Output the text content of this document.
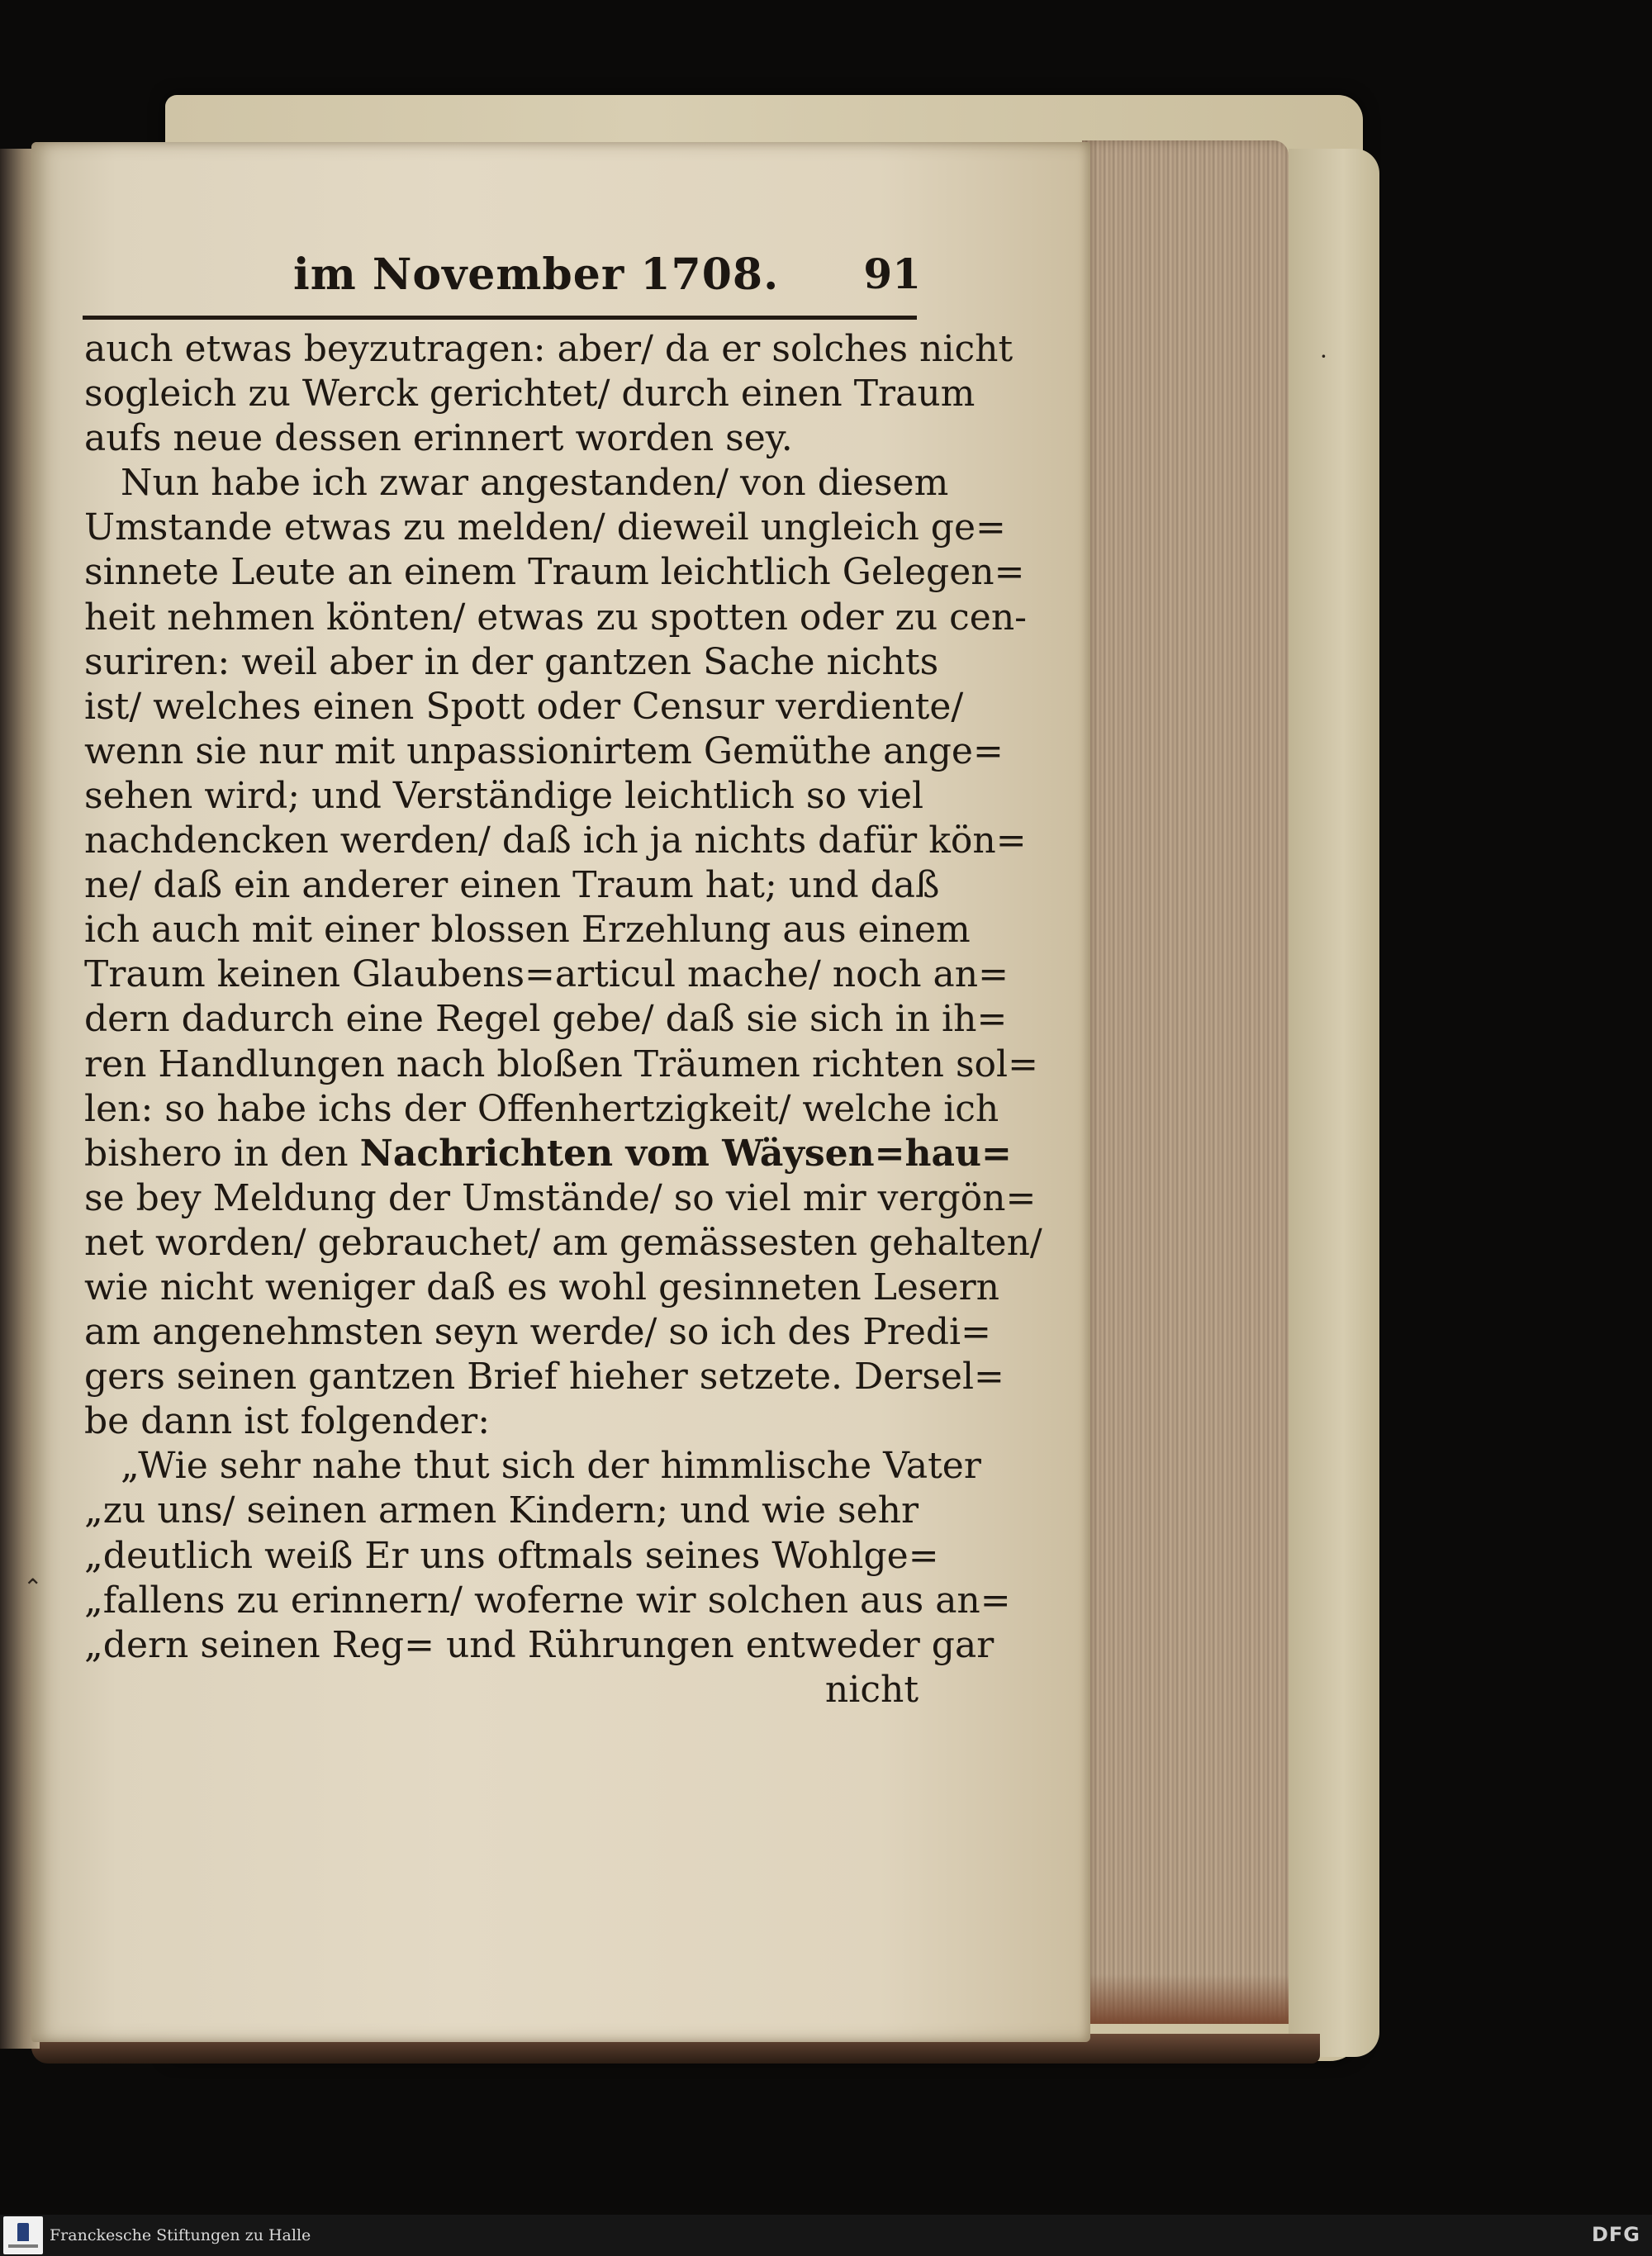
im November 1708. 91
auch etwas beyzutragen: aber/ da er solches nicht
sogleich zu Werck gerichtet/ durch einen Traum
aufs neue dessen erinnert worden sey.
Nun habe ich zwar angestanden/ von diesem
Umstande etwas zu melden/ dieweil ungleich ge=
sinnete Leute an einem Traum leichtlich Gelegen=
heit nehmen könten/ etwas zu spotten oder zu cen-
suriren: weil aber in der gantzen Sache nichts
ist/ welches einen Spott oder Censur verdiente/
wenn sie nur mit unpassionirtem Gemüthe ange=
sehen wird; und Verständige leichtlich so viel
nachdencken werden/ daß ich ja nichts dafür kön=
ne/ daß ein anderer einen Traum hat; und daß
ich auch mit einer blossen Erzehlung aus einem
Traum keinen Glaubens=articul mache/ noch an=
dern dadurch eine Regel gebe/ daß sie sich in ih=
ren Handlungen nach bloßen Träumen richten sol=
len: so habe ichs der Offenhertzigkeit/ welche ich
bishero in den Nachrichten vom Wäysen=hau=
se bey Meldung der Umstände/ so viel mir vergön=
net worden/ gebrauchet/ am gemässesten gehalten/
wie nicht weniger daß es wohl gesinneten Lesern
am angenehmsten seyn werde/ so ich des Predi=
gers seinen gantzen Brief hieher setzete. Dersel=
be dann ist folgender:
„Wie sehr nahe thut sich der himmlische Vater
„zu uns/ seinen armen Kindern; und wie sehr
„deutlich weiß Er uns oftmals seines Wohlge=
„fallens zu erinnern/ woferne wir solchen aus an=
„dern seinen Reg= und Rührungen entweder gar
nicht
·
⌃
Franckesche Stiftungen zu Halle	DFG
